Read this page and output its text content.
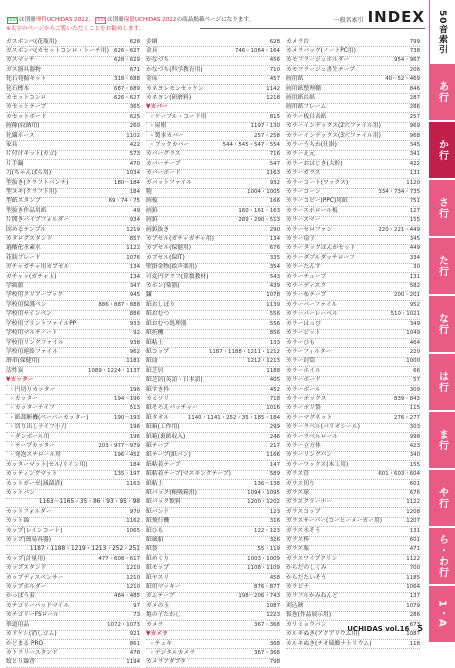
000 は別冊理科UCHIDAS 2022、 000 は別冊保健UCHIDAS 2022の商品掲載ページになります。
※太字のページからご覧いただくことをお勧めします。
一般名索引 INDEX
ガスボンベ(花瓶用)	628
ガスボンベ(カセットコンロ・トーチ用) 626・627
ガスマッチ	628・629
ガス器具器物	671
化石発掘キット	318・688
化石標本	687・689
カセットコンロ	626・627
カセットテープ	365
カセットボード	625
画像(収納用)	260
化繊ホース	1102
家具	422
片付けキット(カゴ)	573
片手鍋	470
刀(ちゃんばら用)	1034
型抜き(クラフトパンチ)	180〜184
型ヌキ(クラフト用)	184
型紙スタンプ	69・74・75
型抜き作品用紙	49
片開きパイプフォルダー	934
固めるテンプル	1219
カタログスタンド	857
過酸化水素水	1122
花瓶ブレード	1076
ガチャガチャ用カプセル	134
ガチャッ(ガチャ玉)	134
学級旗	347
学校用クリアーブック	945
学校用保護ペン	886・887・888
学校用サインペン	886
学校用ブリントファイルPP	933
学校用マルチノート	92
学校用リングファイル	938
学校用連絡ファイル	962
滑車(保健用)	1181
活性炭	1089・1224・1137
▼カッター
・円切りカッター	196
・カッター	194〜196
・カッターナイフ	513
・紙裁断機(ペーパーカッター)	190〜193
・切り出しナイフ小刀	196
・ダンボール用	196
・テープカッター	203・977〜979
・発泡スチロール用	196・452
カッターマット(セル/リイン用)	184
カッティングマット	135・197
カットガーゼ(減菌済)	1163
カットバン
1163〜1165・35・86・93・95・98
カットフォルダー	970
カット綿	1162
カップ(レインコート)	1065
カップ(簡易容器)
1187・1188・1219・1213・252・251
カップ(計量用)	477・608・617
カップスタンド	1210
カップディスペンサー	1210
カップホルダー	1210
かっぽう着	484・485
カテゴリーパッドマイル	97
カテゴリーFSロール	73
華道用品	1072・1073
カドケシ(消しゴム)	921
かどまる PRO	861
カトラリースタンド	478
蚊とり線香	1194
金網	628
金具	746・1064・164
かなづち	456
かなづち(科学教育用)	710
金床	457
カネヨレモンセッケン	1142
カネヨン(研磨料)	1218
▼カバー
・ケーブル・コード用	815
・屋根	1197・130
・製本カバー	257・258
・ブックカバー	544・545・547・554
カバーグラス	716
カバーテープ	547
カバーボード	1163
ガバットファイル	932
鞄	1004・1005
画板	166
画鋲	160・161・163
画鋲	289・290・513
画鋲抜き	290
カプセル(ガチャガチャ用)	134
カプセル(保健用)	676
カプセル(保IT)	335
壁掛金物(絵声楽用)	354
可変円グラフ(算数教材)	543
カホン(楽器)	439
鎌	1078
紙おしぼり	1139
紙おむつ	556
紙おむつ処理器	556
紙折機	856
紙粘土	133
紙コップ	1187・1188・1211・1212
紙皿	1212・1213
紙芝居	1188
紙芝居(英語・日本語)	405
紙すき枠	452
カミソリ	718
紙そろえパッチャー	1016
紙タオル	1140・1141・252・35・185・184
紙箱(工作用)	299
紙箱(裏紙収入)	246
紙テープ	217
紙テープ(紙バン)	1166
紙粘着テープ	147
紙粘着テープ(マスキングテープ)	589
紙粘土	136〜138
紙パック(帳吸箱用)	1094・1095
紙パック飲料	1200・1202
紙バンド	123
紙飛行機	316
紙ひも	122・123
紙風船	326
紙袋	55・119
紙めくり	1003・1009
紙モップ	1108・1109
紙ヤスリ	458
紙用マッキー	876・877
ガムテープ	198〜206・743
ガメの玉	1087
亀の子たわし	1223
カメラ	367・368
▼カメラ
・チェキ	368
・デジタルカメラ	367・368
カメラアダプタ	798
カメラ台	799
カメラバッグ(ノートPC用)	738
カモフラージュホルダー	954・967
カモフラージュ書生テープ	206
画用紙	40〜52・469
画用紙整理棚	846
画用紙台紙	287
画用紙フレーム	286
カラー板目表紙	257
カラーインデックス(2穴ファイル用)	969
カラーインデックス(3穴ファイル用)	968
カラーうちわ(仕掛)	345
カラーえ元	341
カラーおはじき(大粒)	422
カラーガラス	131
カラーコート(ワックス)	1120
カラーコーン	334・734・735
カラーコピー(PPC)用紙	751
カラースポロール板	127
カラースマー	155
カラーセロファン	220・221・449
カラー扇子	345
カラータックはんがセット	449
カラーダブルダッチローフ	334
カラーたんす	30
カラーチューブ	131
カラーディスク	582
カラー布テープ	200・201
カラーバーファイル	952
カラーバーレーベル	510・1021
カラーはっぴ	349
カラービット	1049
カラーひも	464
カラーフィルター	220
カラー封筒	1000
カラーホイル	66
カラーボード	57
カラーボール	309
カラーポックス	839・843
カラーポリ袋	115
カラーマグネット	276・277
カラーラベル(バリオシール)	303
カラーラベルロール	998
カラー立方体	423
カラーリングパン	340
カラーワックス(木工用)	155
ガラス管	601・603・604
ガラス切り	601
ガラス球	676
ガラスクリーナー	1122
ガラスコップ	1208
ガラスサーバー(コーヒーメーカー用)	1207
ガラス水そう	131
ガラス棒	601
ガラス瓶	471
ガラスワイプクリン	1122
からだのしくみ	700
からだたいそう	1185
カラビナ	1064
カラフルかみねんど	137
刈込鋏	1079
仮巻(作品展示用)	286
カリミョウバン	673
カルキぬき(アクアリウム用)	1087
カルキぬき(チオ硫酸ナトリウム)	118
50音索引
あ行
か行
さ行
た行
な行
は行
ま行
や行
ら・わ行
1・A
UCHIDAS vol.16 5
